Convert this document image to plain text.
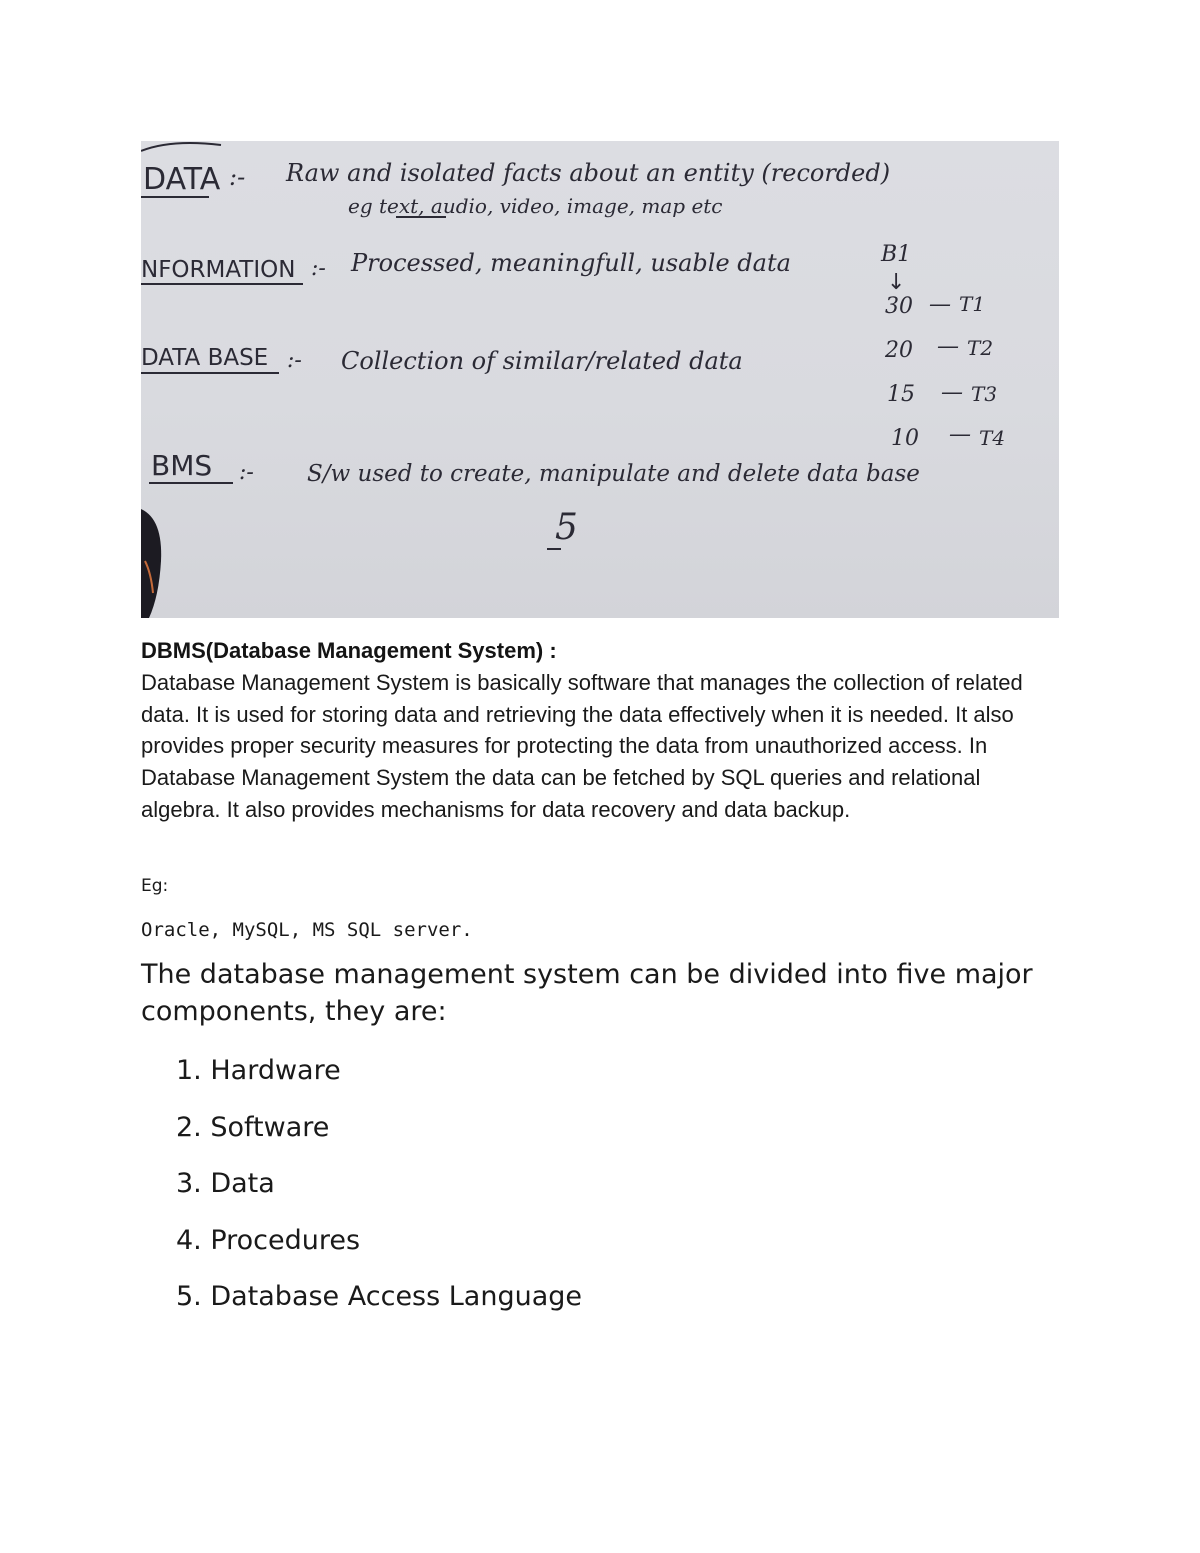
DATA :- Raw and isolated facts about an entity (recorded)
eg text, audio, video, image, map etc
NFORMATION :- Processed, meaningfull, usable data
DATA BASE :- Collection of similar/related data
BMS :- S/w used to create, manipulate and delete data base
5
B1
↓
30 — T1
20 — T2
15 — T3
10 — T4
DBMS(Database Management System) :

Database Management System is basically software that manages the collection of related data. It is used for storing data and retrieving the data effectively when it is needed. It also provides proper security measures for protecting the data from unauthorized access. In Database Management System the data can be fetched by SQL queries and relational algebra. It also provides mechanisms for data recovery and data backup.

Eg:

Oracle, MySQL, MS SQL server.

The database management system can be divided into five major components, they are:

1. Hardware
2. Software
3. Data
4. Procedures
5. Database Access Language
